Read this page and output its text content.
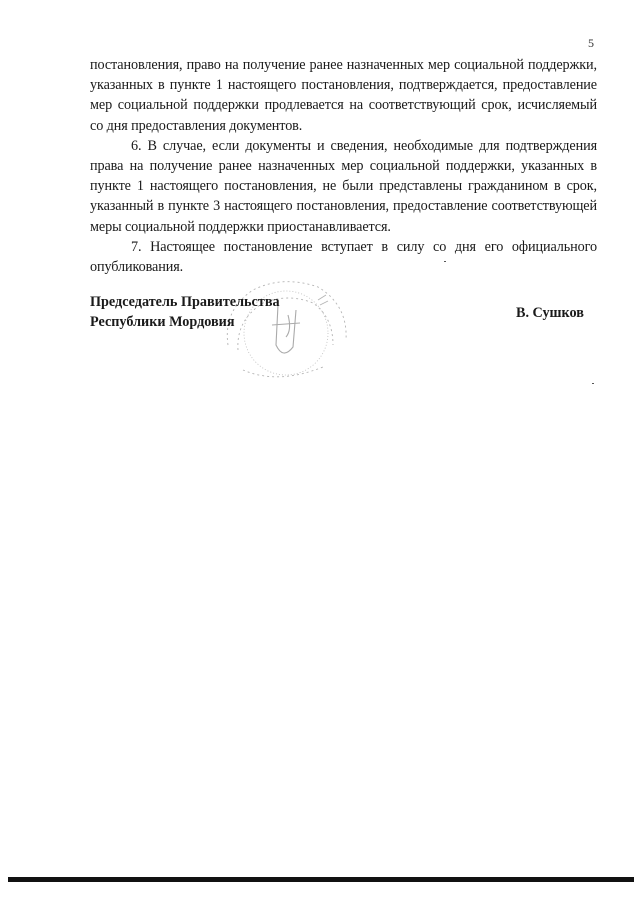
5

постановления, право на получение ранее назначенных мер социальной поддержки, указанных в пункте 1 настоящего постановления, подтверждается, предоставление мер социальной поддержки продлевается на соответствующий срок, исчисляемый со дня предоставления документов.

6. В случае, если документы и сведения, необходимые для подтверждения права на получение ранее назначенных мер социальной поддержки, указанных в пункте 1 настоящего постановления, не были представлены гражданином в срок, указанный в пункте 3 настоящего постановления, предоставление соответствующей меры социальной поддержки приостанавливается.

7. Настоящее постановление вступает в силу со дня его официального опубликования.

Председатель Правительства
Республики Мордовия
В. Сушков
